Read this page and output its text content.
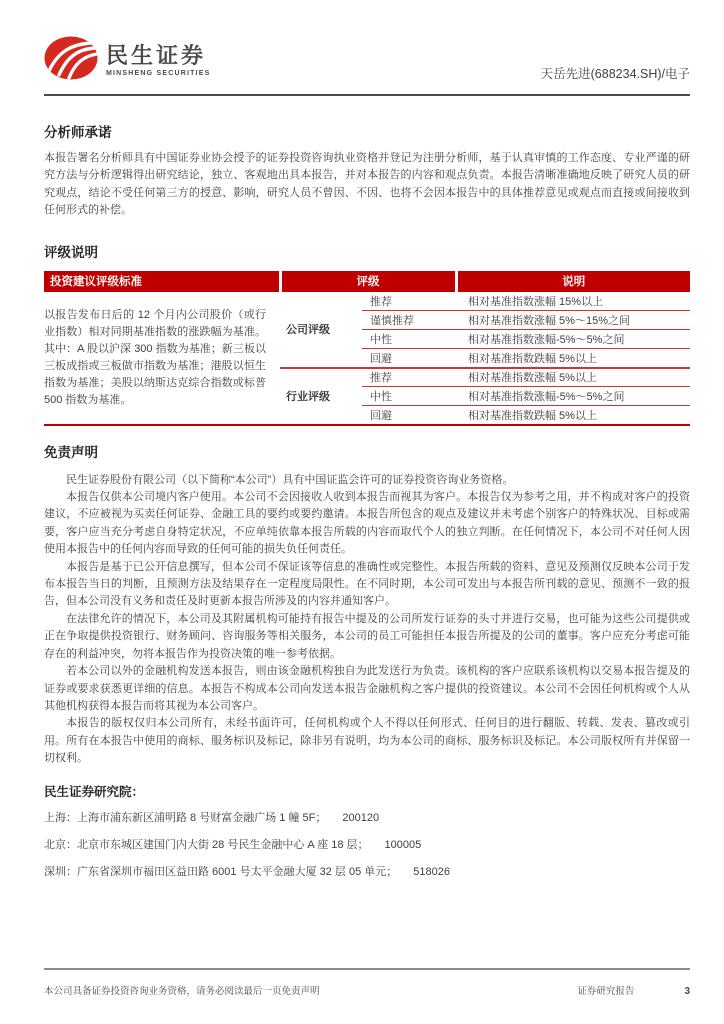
民生证券
MINSHENG SECURITIES	天岳先进(688234.SH)/电子
分析师承诺

本报告署名分析师具有中国证券业协会授予的证券投资咨询执业资格并登记为注册分析师，基于认真审慎的工作态度、专业严谨的研究方法与分析逻辑得出研究结论，独立、客观地出具本报告，并对本报告的内容和观点负责。本报告清晰准确地反映了研究人员的研究观点，结论不受任何第三方的授意、影响，研究人员不曾因、不因、也将不会因本报告中的具体推荐意见或观点而直接或间接收到任何形式的补偿。

评级说明
投资建议评级标准	评级		说明
以报告发布日后的 12 个月内公司股价（或行业指数）相对同期基准指数的涨跌幅为基准。其中：A 股以沪深 300 指数为基准；新三板以三板成指或三板做市指数为基准；港股以恒生指数为基准；美股以纳斯达克综合指数或标普 500 指数为基准。	公司评级	推荐	相对基准指数涨幅 15%以上
		谨慎推荐	相对基准指数涨幅 5%～15%之间
		中性	相对基准指数涨幅-5%～5%之间
		回避	相对基准指数跌幅 5%以上
	行业评级	推荐	相对基准指数涨幅 5%以上
		中性	相对基准指数涨幅-5%～5%之间
		回避	相对基准指数跌幅 5%以上
免责声明

民生证券股份有限公司（以下简称“本公司”）具有中国证监会许可的证券投资咨询业务资格。

本报告仅供本公司境内客户使用。本公司不会因接收人收到本报告而视其为客户。本报告仅为参考之用，并不构成对客户的投资建议，不应被视为买卖任何证券、金融工具的要约或要约邀请。本报告所包含的观点及建议并未考虑个别客户的特殊状况、目标或需要，客户应当充分考虑自身特定状况，不应单纯依靠本报告所载的内容而取代个人的独立判断。在任何情况下，本公司不对任何人因使用本报告中的任何内容而导致的任何可能的损失负任何责任。

本报告是基于已公开信息撰写，但本公司不保证该等信息的准确性或完整性。本报告所载的资料、意见及预测仅反映本公司于发布本报告当日的判断，且预测方法及结果存在一定程度局限性。在不同时期，本公司可发出与本报告所刊载的意见、预测不一致的报告，但本公司没有义务和责任及时更新本报告所涉及的内容并通知客户。

在法律允许的情况下，本公司及其附属机构可能持有报告中提及的公司所发行证券的头寸并进行交易，也可能为这些公司提供或正在争取提供投资银行、财务顾问、咨询服务等相关服务，本公司的员工可能担任本报告所提及的公司的董事。客户应充分考虑可能存在的利益冲突，勿将本报告作为投资决策的唯一参考依据。

若本公司以外的金融机构发送本报告，则由该金融机构独自为此发送行为负责。该机构的客户应联系该机构以交易本报告提及的证券或要求获悉更详细的信息。本报告不构成本公司向发送本报告金融机构之客户提供的投资建议。本公司不会因任何机构或个人从其他机构获得本报告而将其视为本公司客户。

本报告的版权仅归本公司所有，未经书面许可，任何机构或个人不得以任何形式、任何目的进行翻版、转载、发表、篡改或引用。所有在本报告中使用的商标、服务标识及标记，除非另有说明，均为本公司的商标、服务标识及标记。本公司版权所有并保留一切权利。

民生证券研究院：
上海：上海市浦东新区浦明路 8 号财富金融广场 1 幢 5F； 200120
北京：北京市东城区建国门内大街 28 号民生金融中心 A 座 18 层； 100005
深圳：广东省深圳市福田区益田路 6001 号太平金融大厦 32 层 05 单元； 518026
本公司具备证券投资咨询业务资格，请务必阅读最后一页免责声明	证券研究报告	3
